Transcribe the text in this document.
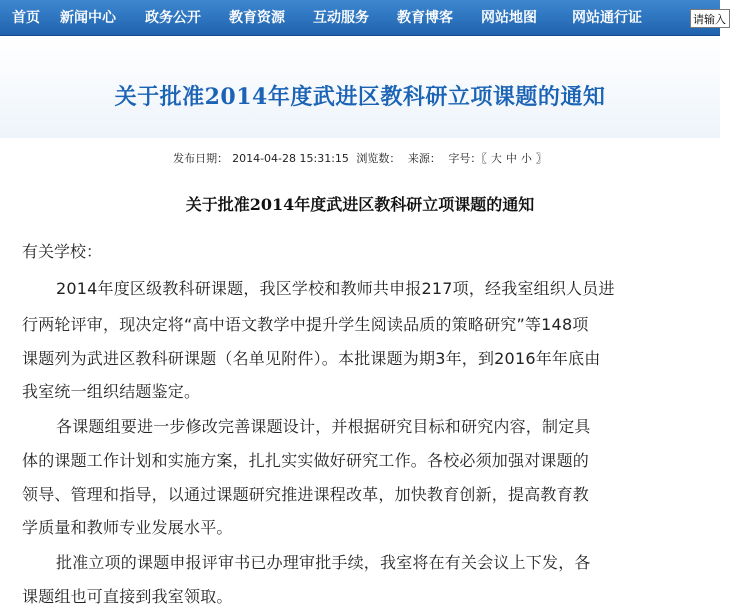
首页 新闻中心 政务公开 教育资源 互动服务 教育博客 网站地图	网站通行证
请输入
关于批准2014年度武进区教科研立项课题的通知
发布日期： 2014-04-28 15:31:15 浏览数： 来源： 字号：〖 大 中 小 〗
关于批准2014年度武进区教科研立项课题的通知
有关学校：
2014年度区级教科研课题，我区学校和教师共申报217项，经我室组织人员进
行两轮评审，现决定将“高中语文教学中提升学生阅读品质的策略研究”等148项
课题列为武进区教科研课题（名单见附件）。本批课题为期3年，到2016年年底由
我室统一组织结题鉴定。
各课题组要进一步修改完善课题设计，并根据研究目标和研究内容，制定具
体的课题工作计划和实施方案，扎扎实实做好研究工作。各校必须加强对课题的
领导、管理和指导，以通过课题研究推进课程改革，加快教育创新，提高教育教
学质量和教师专业发展水平。
批准立项的课题申报评审书已办理审批手续，我室将在有关会议上下发，各
课题组也可直接到我室领取。
